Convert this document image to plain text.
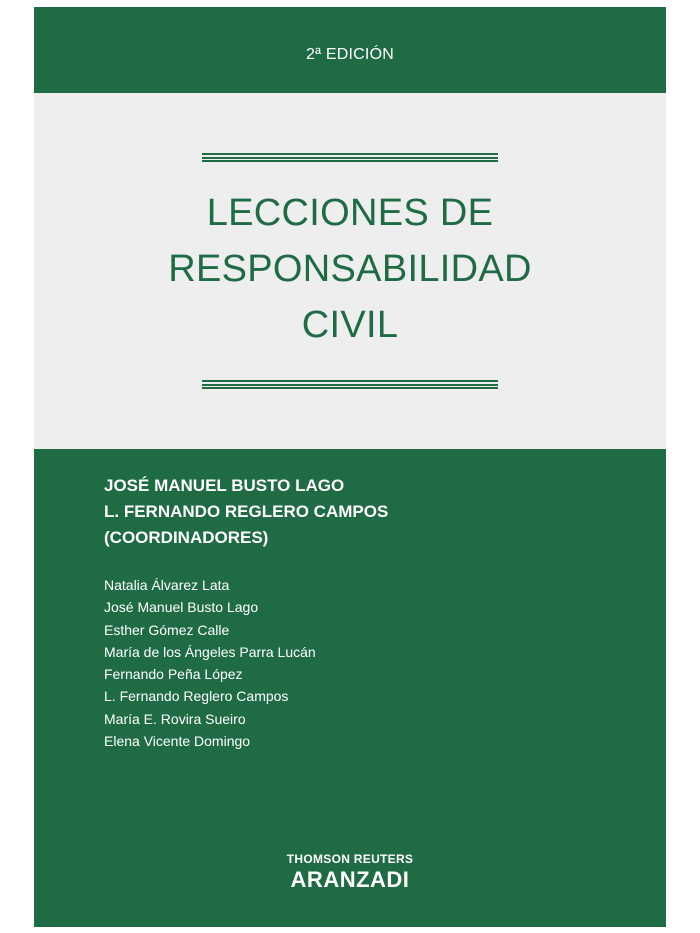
2ª EDICIÓN
LECCIONES DE
RESPONSABILIDAD
CIVIL
JOSÉ MANUEL BUSTO LAGO
L. FERNANDO REGLERO CAMPOS
(COORDINADORES)
Natalia Álvarez Lata
José Manuel Busto Lago
Esther Gómez Calle
María de los Ángeles Parra Lucán
Fernando Peña López
L. Fernando Reglero Campos
María E. Rovira Sueiro
Elena Vicente Domingo
THOMSON REUTERS
ARANZADI
